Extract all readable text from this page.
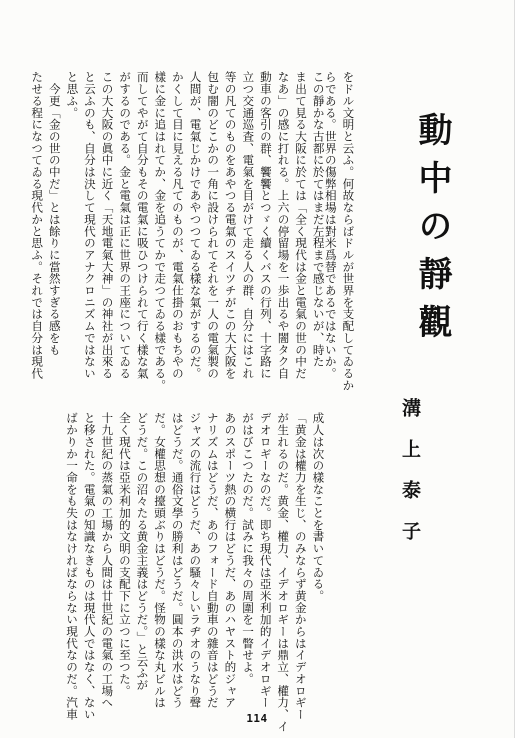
をドル文明と云ふ。何故ならばドルが世界を支配してゐるか
らである。世界の傷弊相場は對米爲替であるではないか。
	動中の靜觀
溝上泰子

成人は次の樣なことを書いてゐる。
「黄金は權力を生じ、のみならず黄金からはイデオロギー
が生れるのだ。黄金、權力、イデオロギーは鼎立、權力、イ
デオロギーなのだ。即ち現代は亞米利加的イデオロギー
がはびこつたのだ。試みに我々の周圍を一瞥せよ。
あのスポーツ熱の横行はどうだ、あのハヤスト的ジャア
ナリズムはどうだ、あのフォード自動車の雜音はどうだ
ジャズの流行はどうだ、あの騷々しいラヂオのうなり聲
はどうだ。通俗文學の勝利はどうだ。圓本の洪水はどう
だ。女權思想の擡頭ぶりはどうだ。怪物の樣な丸ビルは
どうだ。この沼々たる黄金主義はどうだ。」と云ふが
全く現代は亞米利加的文明の支配下に立つに至つた。
十九世紀の蒸氣の工場から人間は廿世紀の電氣の工場へ
と移された。電氣の知識なきものは現代人ではなく、ない
ばかりか一命をも失はなければならない現代なのだ。汽車

この靜かな古都に於てはまだ左程まで感じないが、時た
ま出て見る大阪に於ては「全く現代は金と電氣の世の中だ
なあ」の感に打れる。上六の停留場を一歩出るや闇タク自
動車の客引の群、饗饗とつゞく續くバスの行列、十字路に
立つ交通巡査、電氣を目がけて走る人の群、自分にはこれ
等の凡てのものをあやつる電氣のスイツチがこの大大阪を
包む闇のどこかの一角に設けられてそれを一人の電氣製の
人間が、電氣じかけであやつつてゐる樣な氣がするのだ。
かくして目に見える凡てのものが、電氣仕掛のおもちやの
樣に金に追はれてか、金を追うてかで走つてゐる樣である。
而してやがて自分もその電氣に吸ひつけられて行く樣な氣
がするのである。金と電氣は正に世界の王座についてゐる
この大大阪の眞中に近く「天地電氣大神」の神社が出來る
と云ふのも、自分は決して現代のアナクロニズムではない
と思ふ。
　今更「金の世の中だ」とは餘りに當然すぎる感をも
たせる程になつてゐる現代かと思ふ。それでは自分は現代

114
